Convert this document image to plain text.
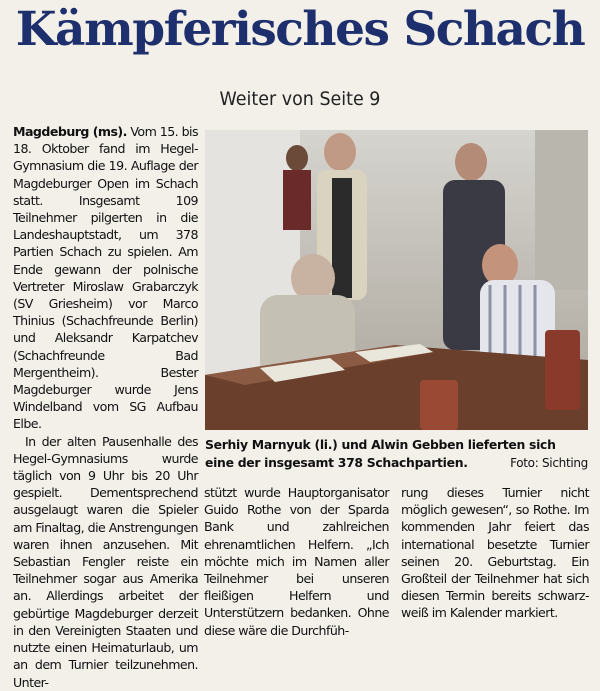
Kämpferisches Schach
Weiter von Seite 9

Magdeburg (ms). Vom 15. bis 18. Oktober fand im Hegel-Gymnasium die 19. Auflage der Magdeburger Open im Schach statt. Insgesamt 109 Teilnehmer pilgerten in die Landeshauptstadt, um 378 Partien Schach zu spielen. Am Ende gewann der polnische Vertreter Miroslaw Grabarczyk (SV Griesheim) vor Marco Thinius (Schachfreunde Berlin) und Aleksandr Karpatchev (Schachfreunde Bad Mergentheim). Bester Magdeburger wurde Jens Windelband vom SG Aufbau Elbe.

In der alten Pausenhalle des Hegel-Gymnasiums wurde täglich von 9 Uhr bis 20 Uhr gespielt. Dementsprechend ausgelaugt waren die Spieler am Finaltag, die Anstrengungen waren ihnen anzusehen. Mit Sebastian Fengler reiste ein Teilnehmer sogar aus Amerika an. Allerdings arbeitet der gebürtige Magdeburger derzeit in den Vereinigten Staaten und nutzte einen Heimaturlaub, um an dem Turnier teilzunehmen. Unter-

Serhiy Marnyuk (li.) und Alwin Gebben lieferten sich eine der insgesamt 378 Schachpartien.	Foto: Sichting

stützt wurde Hauptorganisator Guido Rothe von der Sparda Bank und zahlreichen ehrenamtlichen Helfern. „Ich möchte mich im Namen aller Teilnehmer bei unseren fleißigen Helfern und Unterstützern bedanken. Ohne diese wäre die Durchfüh-

rung dieses Turnier nicht möglich gewesen“, so Rothe. Im kommenden Jahr feiert das international besetzte Turnier seinen 20. Geburtstag. Ein Großteil der Teilnehmer hat sich diesen Termin bereits schwarz-weiß im Kalender markiert.
